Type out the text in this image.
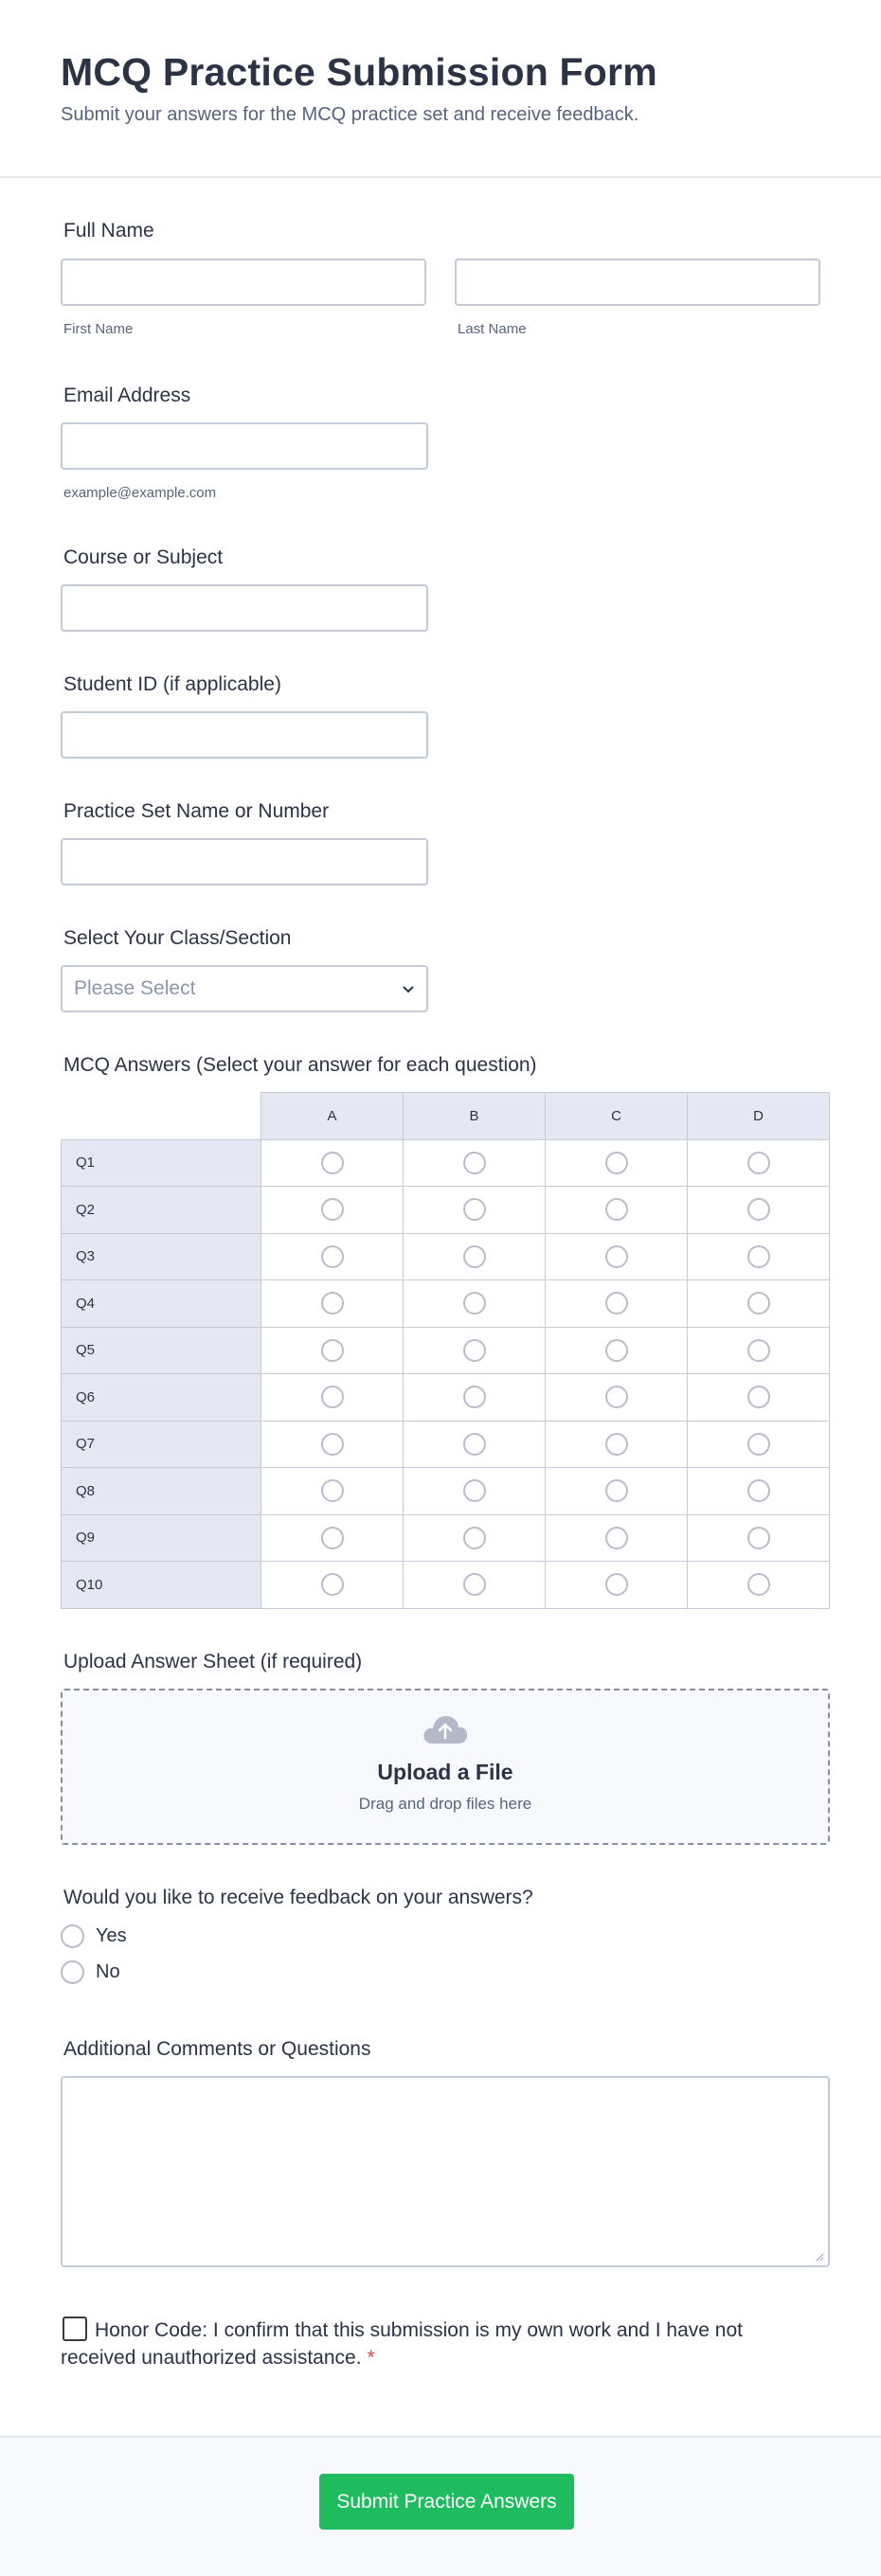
MCQ Practice Submission Form

Submit your answers for the MCQ practice set and receive feedback.

Full Name
First Name	Last Name
Email Address
example@example.com
Course or Subject
Student ID (if applicable)
Practice Set Name or Number
Select Your Class/Section
Please Select
MCQ Answers (Select your answer for each question)
	A	B	C	D
Q1				
Q2				
Q3				
Q4				
Q5				
Q6				
Q7				
Q8				
Q9				
Q10				
Upload Answer Sheet (if required)
Upload a File
Drag and drop files here
Would you like to receive feedback on your answers?
Yes
No
Additional Comments or Questions
Honor Code: I confirm that this submission is my own work and I have not received unauthorized assistance. *
Submit Practice Answers
